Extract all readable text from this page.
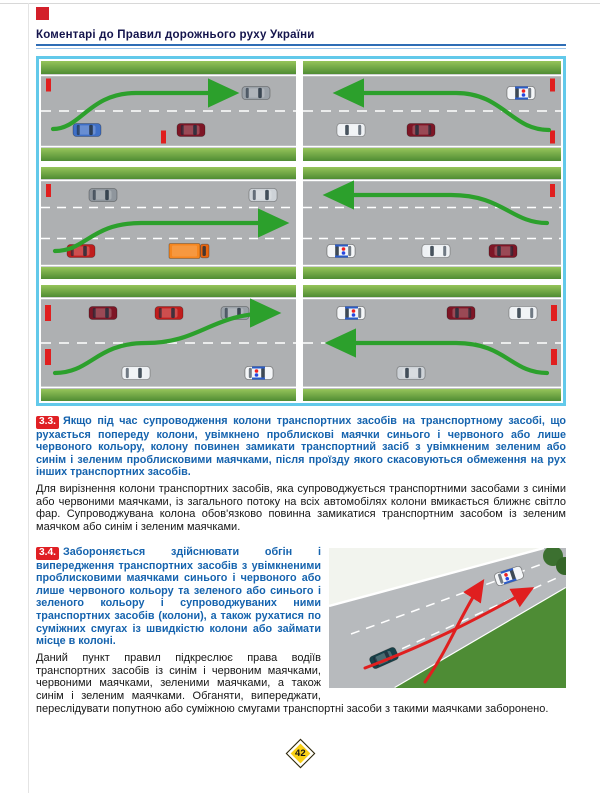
Коментарі до Правил дорожнього руху України

3.3. Якщо під час супроводження колони транспортних засобів на транспортному засобі, що рухається попереду колони, увімкнено проблискові маячки синього і червоного або лише червоного кольору, колону повинен замикати транспортний засіб з увімкненим зеленим або синім і зеленим проблисковими маячками, після проїзду якого скасовуються обмеження на рух інших транспортних засобів.

Для вирізнення колони транспортних засобів, яка супроводжується транспортними засобами з синіми або червоними маячками, із загального потоку на всіх автомобілях колони вмикається ближнє світло фар. Супроводжувана колона обов'язково повинна замикатися транспортним засобом із зеленим маячком або синім і зеленим маячками.

3.4. Забороняється здійснювати обгін і випередження транспортних засобів з увімкненими проблисковими маячками синього і червоного або лише червоного кольору та зеленого або синього і зеленого кольору і супроводжуваних ними транспортних засобів (колони), а також рухатися по суміжних смугах із швидкістю колони або займати місце в колоні.

Даний пункт правил підкреслює права водіїв транспортних засобів із синім і червоним маячками, червоними маячками, зеленими маячками, а також синім і зеленим маячками. Обганяти, випереджати, переслідувати попутною або суміжною смугами транспортні засоби з такими маячками заборонено.

42
